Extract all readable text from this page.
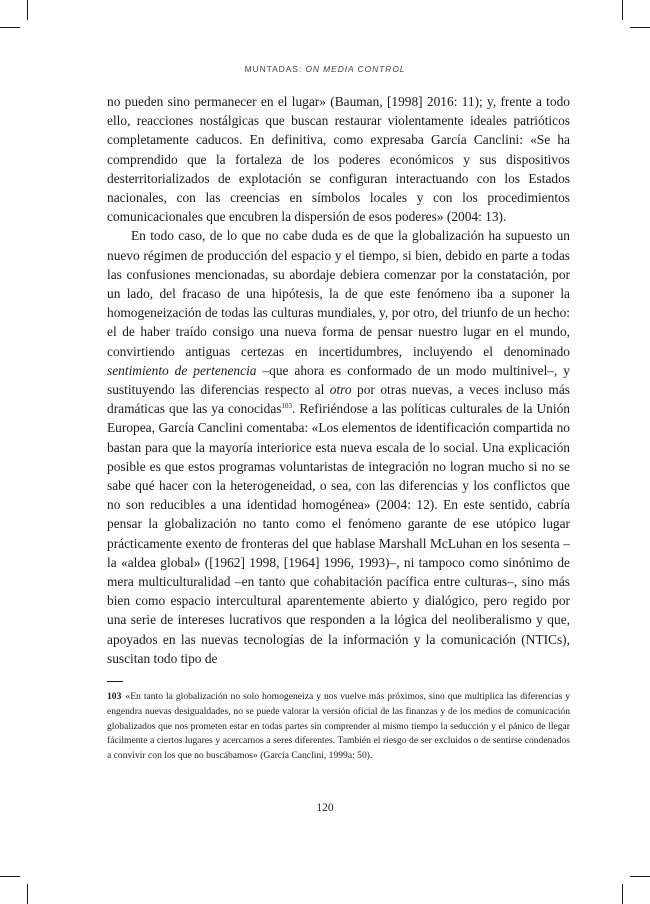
MUNTADAS: ON MEDIA CONTROL

no pueden sino permanecer en el lugar» (Bauman, [1998] 2016: 11); y, frente a todo ello, reacciones nostálgicas que buscan restaurar violentamente ideales patrióticos completamente caducos. En definitiva, como expresaba García Canclini: «Se ha comprendido que la fortaleza de los poderes económicos y sus dispositivos desterritorializados de explotación se configuran interactuando con los Estados nacionales, con las creencias en símbolos locales y con los procedimientos comunicacionales que encubren la dispersión de esos poderes» (2004: 13).

En todo caso, de lo que no cabe duda es de que la globalización ha supuesto un nuevo régimen de producción del espacio y el tiempo, si bien, debido en parte a todas las confusiones mencionadas, su abordaje debiera comenzar por la constatación, por un lado, del fracaso de una hipótesis, la de que este fenómeno iba a suponer la homogeneización de todas las culturas mundiales, y, por otro, del triunfo de un hecho: el de haber traído consigo una nueva forma de pensar nuestro lugar en el mundo, convirtiendo antiguas certezas en incertidumbres, incluyendo el denominado sentimiento de pertenencia –que ahora es conformado de un modo multinivel–, y sustituyendo las diferencias respecto al otro por otras nuevas, a veces incluso más dramáticas que las ya conocidas$^{103}$. Refiriéndose a las políticas culturales de la Unión Europea, García Canclini comentaba: «Los elementos de identificación compartida no bastan para que la mayoría interiorice esta nueva escala de lo social. Una explicación posible es que estos programas voluntaristas de integración no logran mucho si no se sabe qué hacer con la heterogeneidad, o sea, con las diferencias y los conflictos que no son reducibles a una identidad homogénea» (2004: 12). En este sentido, cabría pensar la globalización no tanto como el fenómeno garante de ese utópico lugar prácticamente exento de fronteras del que hablase Marshall McLuhan en los sesenta –la «aldea global» ([1962] 1998, [1964] 1996, 1993)–, ni tampoco como sinónimo de mera multiculturalidad –en tanto que cohabitación pacífica entre culturas–, sino más bien como espacio intercultural aparentemente abierto y dialógico, pero regido por una serie de intereses lucrativos que responden a la lógica del neoliberalismo y que, apoyados en las nuevas tecnologías de la información y la comunicación (NTICs), suscitan todo tipo de

103 «En tanto la globalización no solo homogeneiza y nos vuelve más próximos, sino que multiplica las diferencias y engendra nuevas desigualdades, no se puede valorar la versión oficial de las finanzas y de los medios de comunicación globalizados que nos prometen estar en todas partes sin comprender al mismo tiempo la seducción y el pánico de llegar fácilmente a ciertos lugares y acercarnos a seres diferentes. También el riesgo de ser excluidos o de sentirse condenados a convivir con los que no buscábamos» (García Canclini, 1999a: 50).

120
